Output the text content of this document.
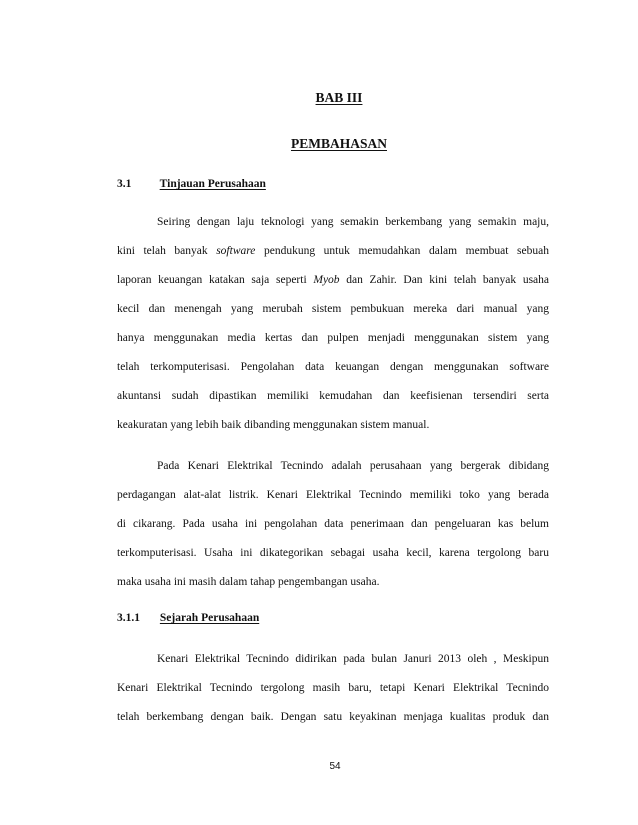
BAB III
PEMBAHASAN
3.1 Tinjauan Perusahaan
Seiring dengan laju teknologi yang semakin berkembang yang semakin maju,
kini telah banyak software pendukung untuk memudahkan dalam membuat sebuah
laporan keuangan katakan saja seperti Myob dan Zahir. Dan kini telah banyak usaha
kecil dan menengah yang merubah sistem pembukuan mereka dari manual yang
hanya menggunakan media kertas dan pulpen menjadi menggunakan sistem yang
telah terkomputerisasi. Pengolahan data keuangan dengan menggunakan software
akuntansi sudah dipastikan memiliki kemudahan dan keefisienan tersendiri serta
keakuratan yang lebih baik dibanding menggunakan sistem manual.
Pada Kenari Elektrikal Tecnindo adalah perusahaan yang bergerak dibidang
perdagangan alat-alat listrik. Kenari Elektrikal Tecnindo memiliki toko yang berada
di cikarang. Pada usaha ini pengolahan data penerimaan dan pengeluaran kas belum
terkomputerisasi. Usaha ini dikategorikan sebagai usaha kecil, karena tergolong baru
maka usaha ini masih dalam tahap pengembangan usaha.
3.1.1 Sejarah Perusahaan
Kenari Elektrikal Tecnindo didirikan pada bulan Januri 2013 oleh , Meskipun
Kenari Elektrikal Tecnindo tergolong masih baru, tetapi Kenari Elektrikal Tecnindo
telah berkembang dengan baik. Dengan satu keyakinan menjaga kualitas produk dan
54
